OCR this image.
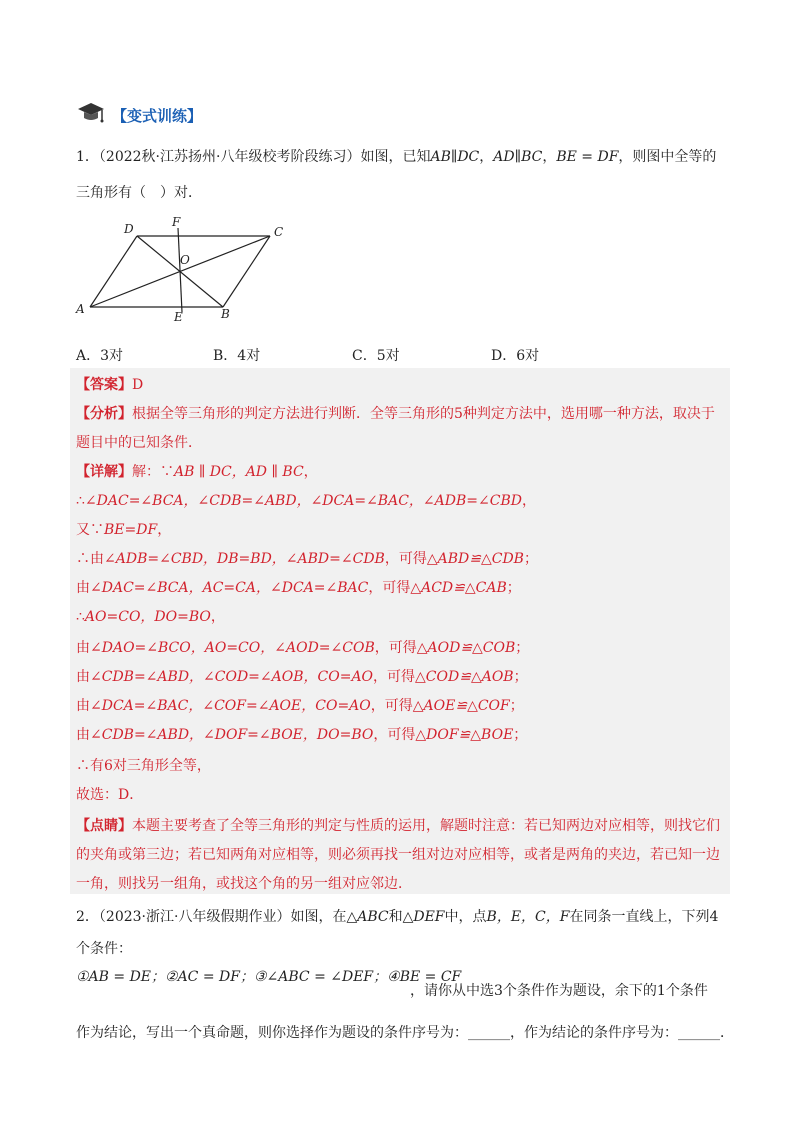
【变式训练】
1．（2022秋·江苏扬州·八年级校考阶段练习）如图，已知AB∥DC，AD∥BC，BE = DF，则图中全等的
三角形有（　）对．
D	F
C
O
A
E	B
A．3对	B．4对	C．5对	D．6对
【答案】D
【分析】根据全等三角形的判定方法进行判断．全等三角形的5种判定方法中，选用哪一种方法，取决于
题目中的已知条件．
【详解】解：∵AB ∥ DC，AD ∥ BC，
∴∠DAC=∠BCA，∠CDB=∠ABD，∠DCA=∠BAC，∠ADB=∠CBD，
又∵BE=DF，
∴由∠ADB=∠CBD，DB=BD，∠ABD=∠CDB，可得△ABD≌△CDB；
由∠DAC=∠BCA，AC=CA，∠DCA=∠BAC，可得△ACD≌△CAB；
∴AO=CO，DO=BO，
由∠DAO=∠BCO，AO=CO，∠AOD=∠COB，可得△AOD≌△COB；
由∠CDB=∠ABD，∠COD=∠AOB，CO=AO，可得△COD≌△AOB；
由∠DCA=∠BAC，∠COF=∠AOE，CO=AO，可得△AOE≌△COF；
由∠CDB=∠ABD，∠DOF=∠BOE，DO=BO，可得△DOF≌△BOE；
∴有6对三角形全等，
故选：D．
【点睛】本题主要考查了全等三角形的判定与性质的运用，解题时注意：若已知两边对应相等，则找它们
的夹角或第三边；若已知两角对应相等，则必须再找一组对边对应相等，或者是两角的夹边，若已知一边
一角，则找另一组角，或找这个角的另一组对应邻边．
2．（2023·浙江·八年级假期作业）如图，在△ABC和△DEF中，点B，E，C，F在同条一直线上，下列4
个条件：
①AB = DE；②AC = DF；③∠ABC = ∠DEF；④BE = CF
，请你从中选3个条件作为题设，余下的1个条件
作为结论，写出一个真命题，则你选择作为题设的条件序号为：______，作为结论的条件序号为：______．
